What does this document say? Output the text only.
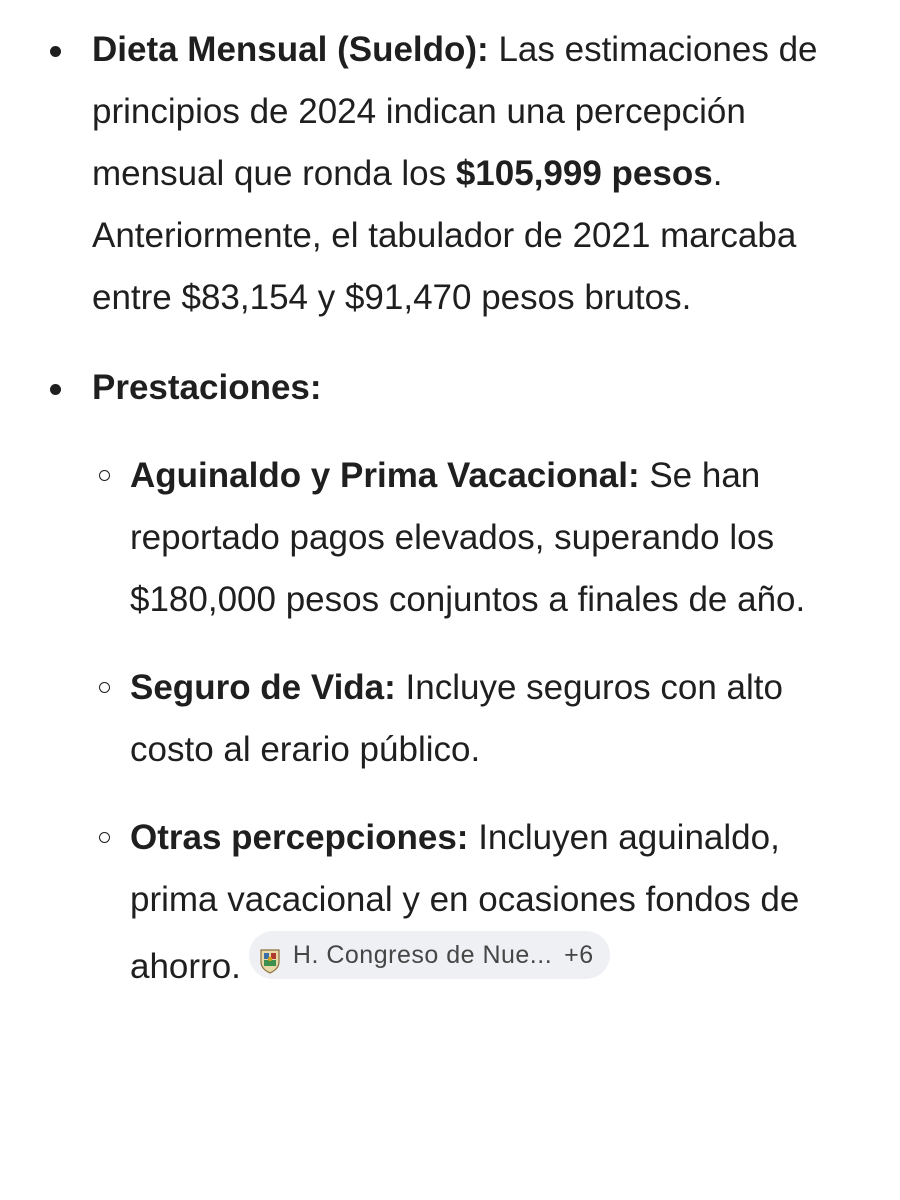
Dieta Mensual (Sueldo): Las estimaciones de principios de 2024 indican una percepción mensual que ronda los $105,999 pesos. Anteriormente, el tabulador de 2021 marcaba entre $83,154 y $91,470 pesos brutos.
Prestaciones:
Aguinaldo y Prima Vacacional: Se han reportado pagos elevados, superando los $180,000 pesos conjuntos a finales de año.
Seguro de Vida: Incluye seguros con alto costo al erario público.
Otras percepciones: Incluyen aguinaldo, prima vacacional y en ocasiones fondos de ahorro. H. Congreso de Nue... +6
